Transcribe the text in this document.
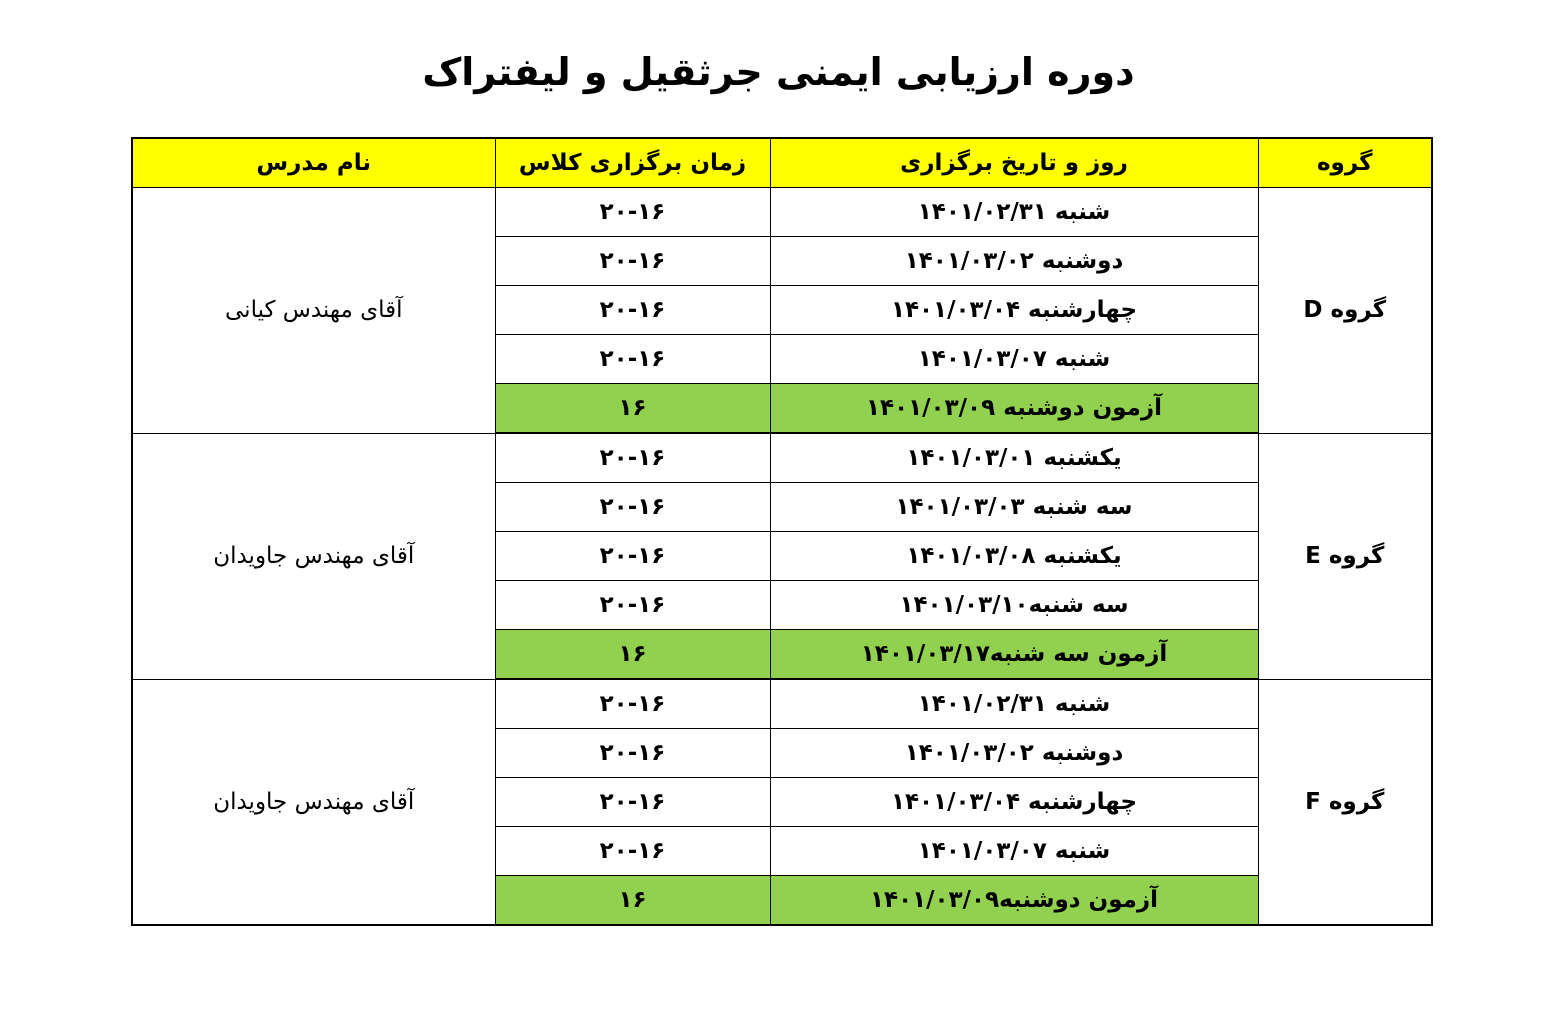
دوره ارزیابی ایمنی جرثقیل و لیفتراک
گروه	روز و تاریخ برگزاری	زمان برگزاری کلاس	نام مدرس
گروه D	شنبه ۱۴۰۱/۰۲/۳۱	۲۰-۱۶	آقای مهندس کیانی
	دوشنبه ۱۴۰۱/۰۳/۰۲	۲۰-۱۶	
	چهارشنبه ۱۴۰۱/۰۳/۰۴	۲۰-۱۶	
	شنبه ۱۴۰۱/۰۳/۰۷	۲۰-۱۶	
	آزمون دوشنبه ۱۴۰۱/۰۳/۰۹	۱۶	
گروه E	یکشنبه ۱۴۰۱/۰۳/۰۱	۲۰-۱۶	آقای مهندس جاویدان
	سه شنبه ۱۴۰۱/۰۳/۰۳	۲۰-۱۶	
	یکشنبه ۱۴۰۱/۰۳/۰۸	۲۰-۱۶	
	سه شنبه۱۴۰۱/۰۳/۱۰	۲۰-۱۶	
	آزمون سه شنبه۱۴۰۱/۰۳/۱۷	۱۶	
گروه F	شنبه ۱۴۰۱/۰۲/۳۱	۲۰-۱۶	آقای مهندس جاویدان
	دوشنبه ۱۴۰۱/۰۳/۰۲	۲۰-۱۶	
	چهارشنبه ۱۴۰۱/۰۳/۰۴	۲۰-۱۶	
	شنبه ۱۴۰۱/۰۳/۰۷	۲۰-۱۶	
	آزمون دوشنبه۱۴۰۱/۰۳/۰۹	۱۶	
